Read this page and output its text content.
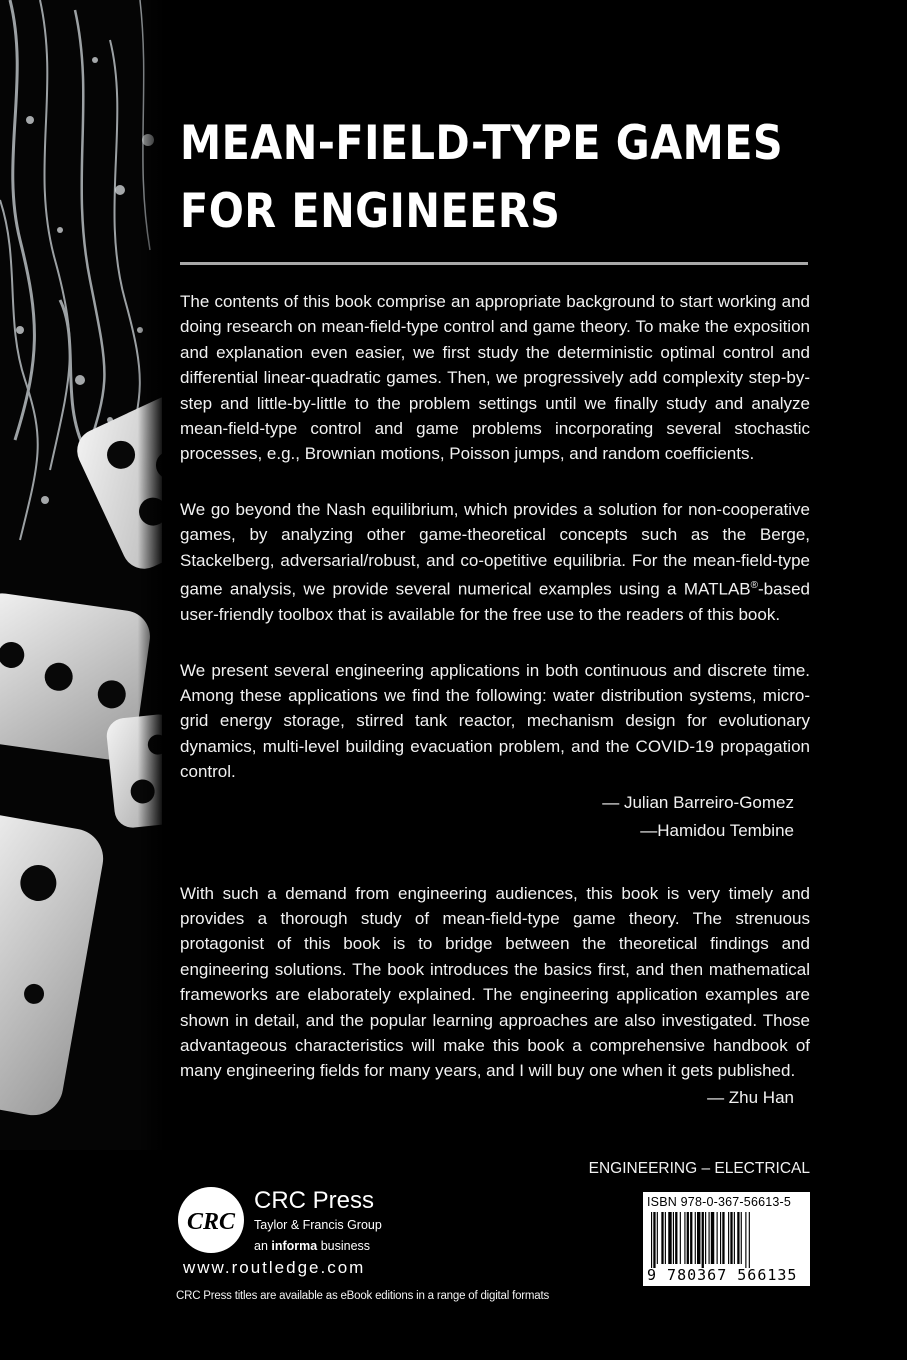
MEAN-FIELD-TYPE GAMES
FOR ENGINEERS

The contents of this book comprise an appropriate background to start working and doing research on mean-field-type control and game theory. To make the exposition and explanation even easier, we first study the deterministic optimal control and differential linear-quadratic games. Then, we progressively add complexity step-by-step and little-by-little to the problem settings until we finally study and analyze mean-field-type control and game problems incorporating several stochastic processes, e.g., Brownian motions, Poisson jumps, and random coefficients.

We go beyond the Nash equilibrium, which provides a solution for non-cooperative games, by analyzing other game-theoretical concepts such as the Berge, Stackelberg, adversarial/robust, and co-opetitive equilibria. For the mean-field-type game analysis, we provide several numerical examples using a MATLAB®-based user-friendly toolbox that is available for the free use to the readers of this book.

We present several engineering applications in both continuous and discrete time. Among these applications we find the following: water distribution systems, micro-grid energy storage, stirred tank reactor, mechanism design for evolutionary dynamics, multi-level building evacuation problem, and the COVID-19 propagation control.

— Julian Barreiro-Gomez

—Hamidou Tembine

With such a demand from engineering audiences, this book is very timely and provides a thorough study of mean-field-type game theory. The strenuous protagonist of this book is to bridge between the theoretical findings and engineering solutions. The book introduces the basics first, and then mathematical frameworks are elaborately explained. The engineering application examples are shown in detail, and the popular learning approaches are also investigated. Those advantageous characteristics will make this book a comprehensive handbook of many engineering fields for many years, and I will buy one when it gets published.

— Zhu Han

ENGINEERING – ELECTRICAL
ISBN 978-0-367-56613-5
9 780367 566135
CRC
CRC Press
Taylor & Francis Group
an informa business
www.routledge.com
CRC Press titles are available as eBook editions in a range of digital formats
